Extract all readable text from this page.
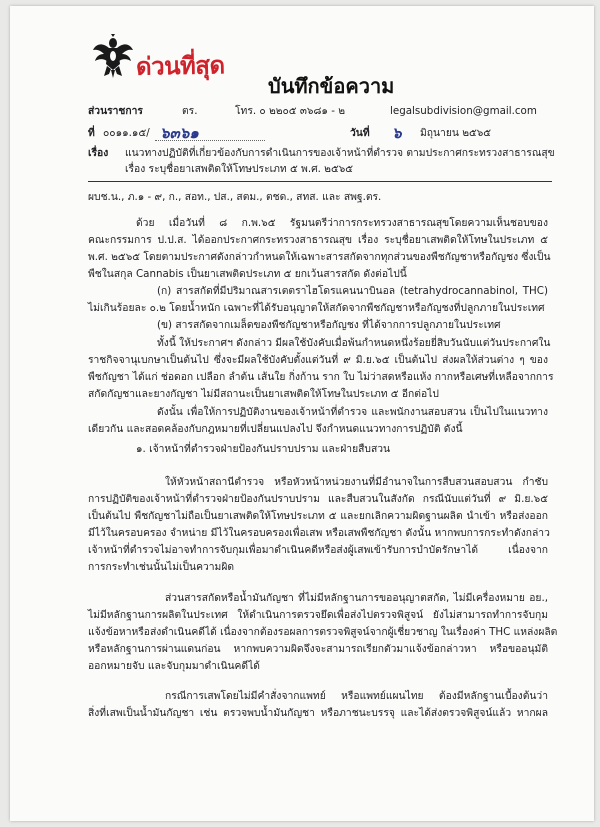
ด่วนที่สุด
บันทึกข้อความ
ส่วนราชการ	ตร.	โทร. ๐ ๒๒๐๕ ๓๖๘๑ - ๒	legalsubdivision@gmail.com
ที่ ๐๐๑๑.๑๕/ ๖๓๖๑	วันที่ ๖ มิถุนายน ๒๕๖๕
เรื่อง แนวทางปฏิบัติที่เกี่ยวข้องกับการดำเนินการของเจ้าหน้าที่ตำรวจ ตามประกาศกระทรวงสาธารณสุข
เรื่อง ระบุชื่อยาเสพติดให้โทษประเภท ๕ พ.ศ. ๒๕๖๕
ผบช.น., ภ.๑ - ๙, ก., สอท., ปส., สตม., ตชด., สทส. และ สพฐ.ตร.
ด้วย เมื่อวันที่ ๘ ก.พ.๖๕ รัฐมนตรีว่าการกระทรวงสาธารณสุขโดยความเห็นชอบของ
คณะกรรมการ ป.ป.ส. ได้ออกประกาศกระทรวงสาธารณสุข เรื่อง ระบุชื่อยาเสพติดให้โทษในประเภท ๕
พ.ศ. ๒๕๖๕ โดยตามประกาศดังกล่าวกำหนดให้เฉพาะสารสกัดจากทุกส่วนของพืชกัญชาหรือกัญชง ซึ่งเป็น
พืชในสกุล Cannabis เป็นยาเสพติดประเภท ๕ ยกเว้นสารสกัด ดังต่อไปนี้
(ก) สารสกัดที่มีปริมาณสารเตตราไฮโดรแคนนาบินอล (tetrahydrocannabinol, THC)
ไม่เกินร้อยละ ๐.๒ โดยน้ำหนัก เฉพาะที่ได้รับอนุญาตให้สกัดจากพืชกัญชาหรือกัญชงที่ปลูกภายในประเทศ
(ข) สารสกัดจากเมล็ดของพืชกัญชาหรือกัญชง ที่ได้จากการปลูกภายในประเทศ
ทั้งนี้ ให้ประกาศฯ ดังกล่าว มีผลใช้บังคับเมื่อพ้นกำหนดหนึ่งร้อยยี่สิบวันนับแต่วันประกาศใน
ราชกิจจานุเบกษาเป็นต้นไป ซึ่งจะมีผลใช้บังคับตั้งแต่วันที่ ๙ มิ.ย.๖๕ เป็นต้นไป ส่งผลให้ส่วนต่าง ๆ ของ
พืชกัญชา ได้แก่ ช่อดอก เปลือก ลำต้น เส้นใย กิ่งก้าน ราก ใบ ไม่ว่าสดหรือแห้ง กากหรือเศษที่เหลือจากการ
สกัดกัญชาและยางกัญชา ไม่มีสถานะเป็นยาเสพติดให้โทษในประเภท ๕ อีกต่อไป
ดังนั้น เพื่อให้การปฏิบัติงานของเจ้าหน้าที่ตำรวจ และพนักงานสอบสวน เป็นไปในแนวทาง
เดียวกัน และสอดคล้องกับกฎหมายที่เปลี่ยนแปลงไป จึงกำหนดแนวทางการปฏิบัติ ดังนี้
๑. เจ้าหน้าที่ตำรวจฝ่ายป้องกันปราบปราม และฝ่ายสืบสวน
ให้หัวหน้าสถานีตำรวจ หรือหัวหน้าหน่วยงานที่มีอำนาจในการสืบสวนสอบสวน กำชับ
การปฏิบัติของเจ้าหน้าที่ตำรวจฝ่ายป้องกันปราบปราม และสืบสวนในสังกัด กรณีนับแต่วันที่ ๙ มิ.ย.๖๕
เป็นต้นไป พืชกัญชาไม่ถือเป็นยาเสพติดให้โทษประเภท ๕ และยกเลิกความผิดฐานผลิต นำเข้า หรือส่งออก
มีไว้ในครอบครอง จำหน่าย มีไว้ในครอบครองเพื่อเสพ หรือเสพพืชกัญชา ดังนั้น หากพบการกระทำดังกล่าว
เจ้าหน้าที่ตำรวจไม่อาจทำการจับกุมเพื่อมาดำเนินคดีหรือส่งผู้เสพเข้ารับการบำบัดรักษาได้ เนื่องจาก
การกระทำเช่นนั้นไม่เป็นความผิด
ส่วนสารสกัดหรือน้ำมันกัญชา ที่ไม่มีหลักฐานการขออนุญาตสกัด, ไม่มีเครื่องหมาย อย.,
ไม่มีหลักฐานการผลิตในประเทศ ให้ดำเนินการตรวจยึดเพื่อส่งไปตรวจพิสูจน์ ยังไม่สามารถทำการจับกุม
แจ้งข้อหาหรือส่งดำเนินคดีได้ เนื่องจากต้องรอผลการตรวจพิสูจน์จากผู้เชี่ยวชาญ ในเรื่องค่า THC แหล่งผลิต
หรือหลักฐานการผ่านแดนก่อน หากพบความผิดจึงจะสามารถเรียกตัวมาแจ้งข้อกล่าวหา หรือขออนุมัติ
ออกหมายจับ และจับกุมมาดำเนินคดีได้
กรณีการเสพโดยไม่มีคำสั่งจากแพทย์ หรือแพทย์แผนไทย ต้องมีหลักฐานเบื้องต้นว่า
สิ่งที่เสพเป็นน้ำมันกัญชา เช่น ตรวจพบน้ำมันกัญชา หรือภาชนะบรรจุ และได้ส่งตรวจพิสูจน์แล้ว หากผล
